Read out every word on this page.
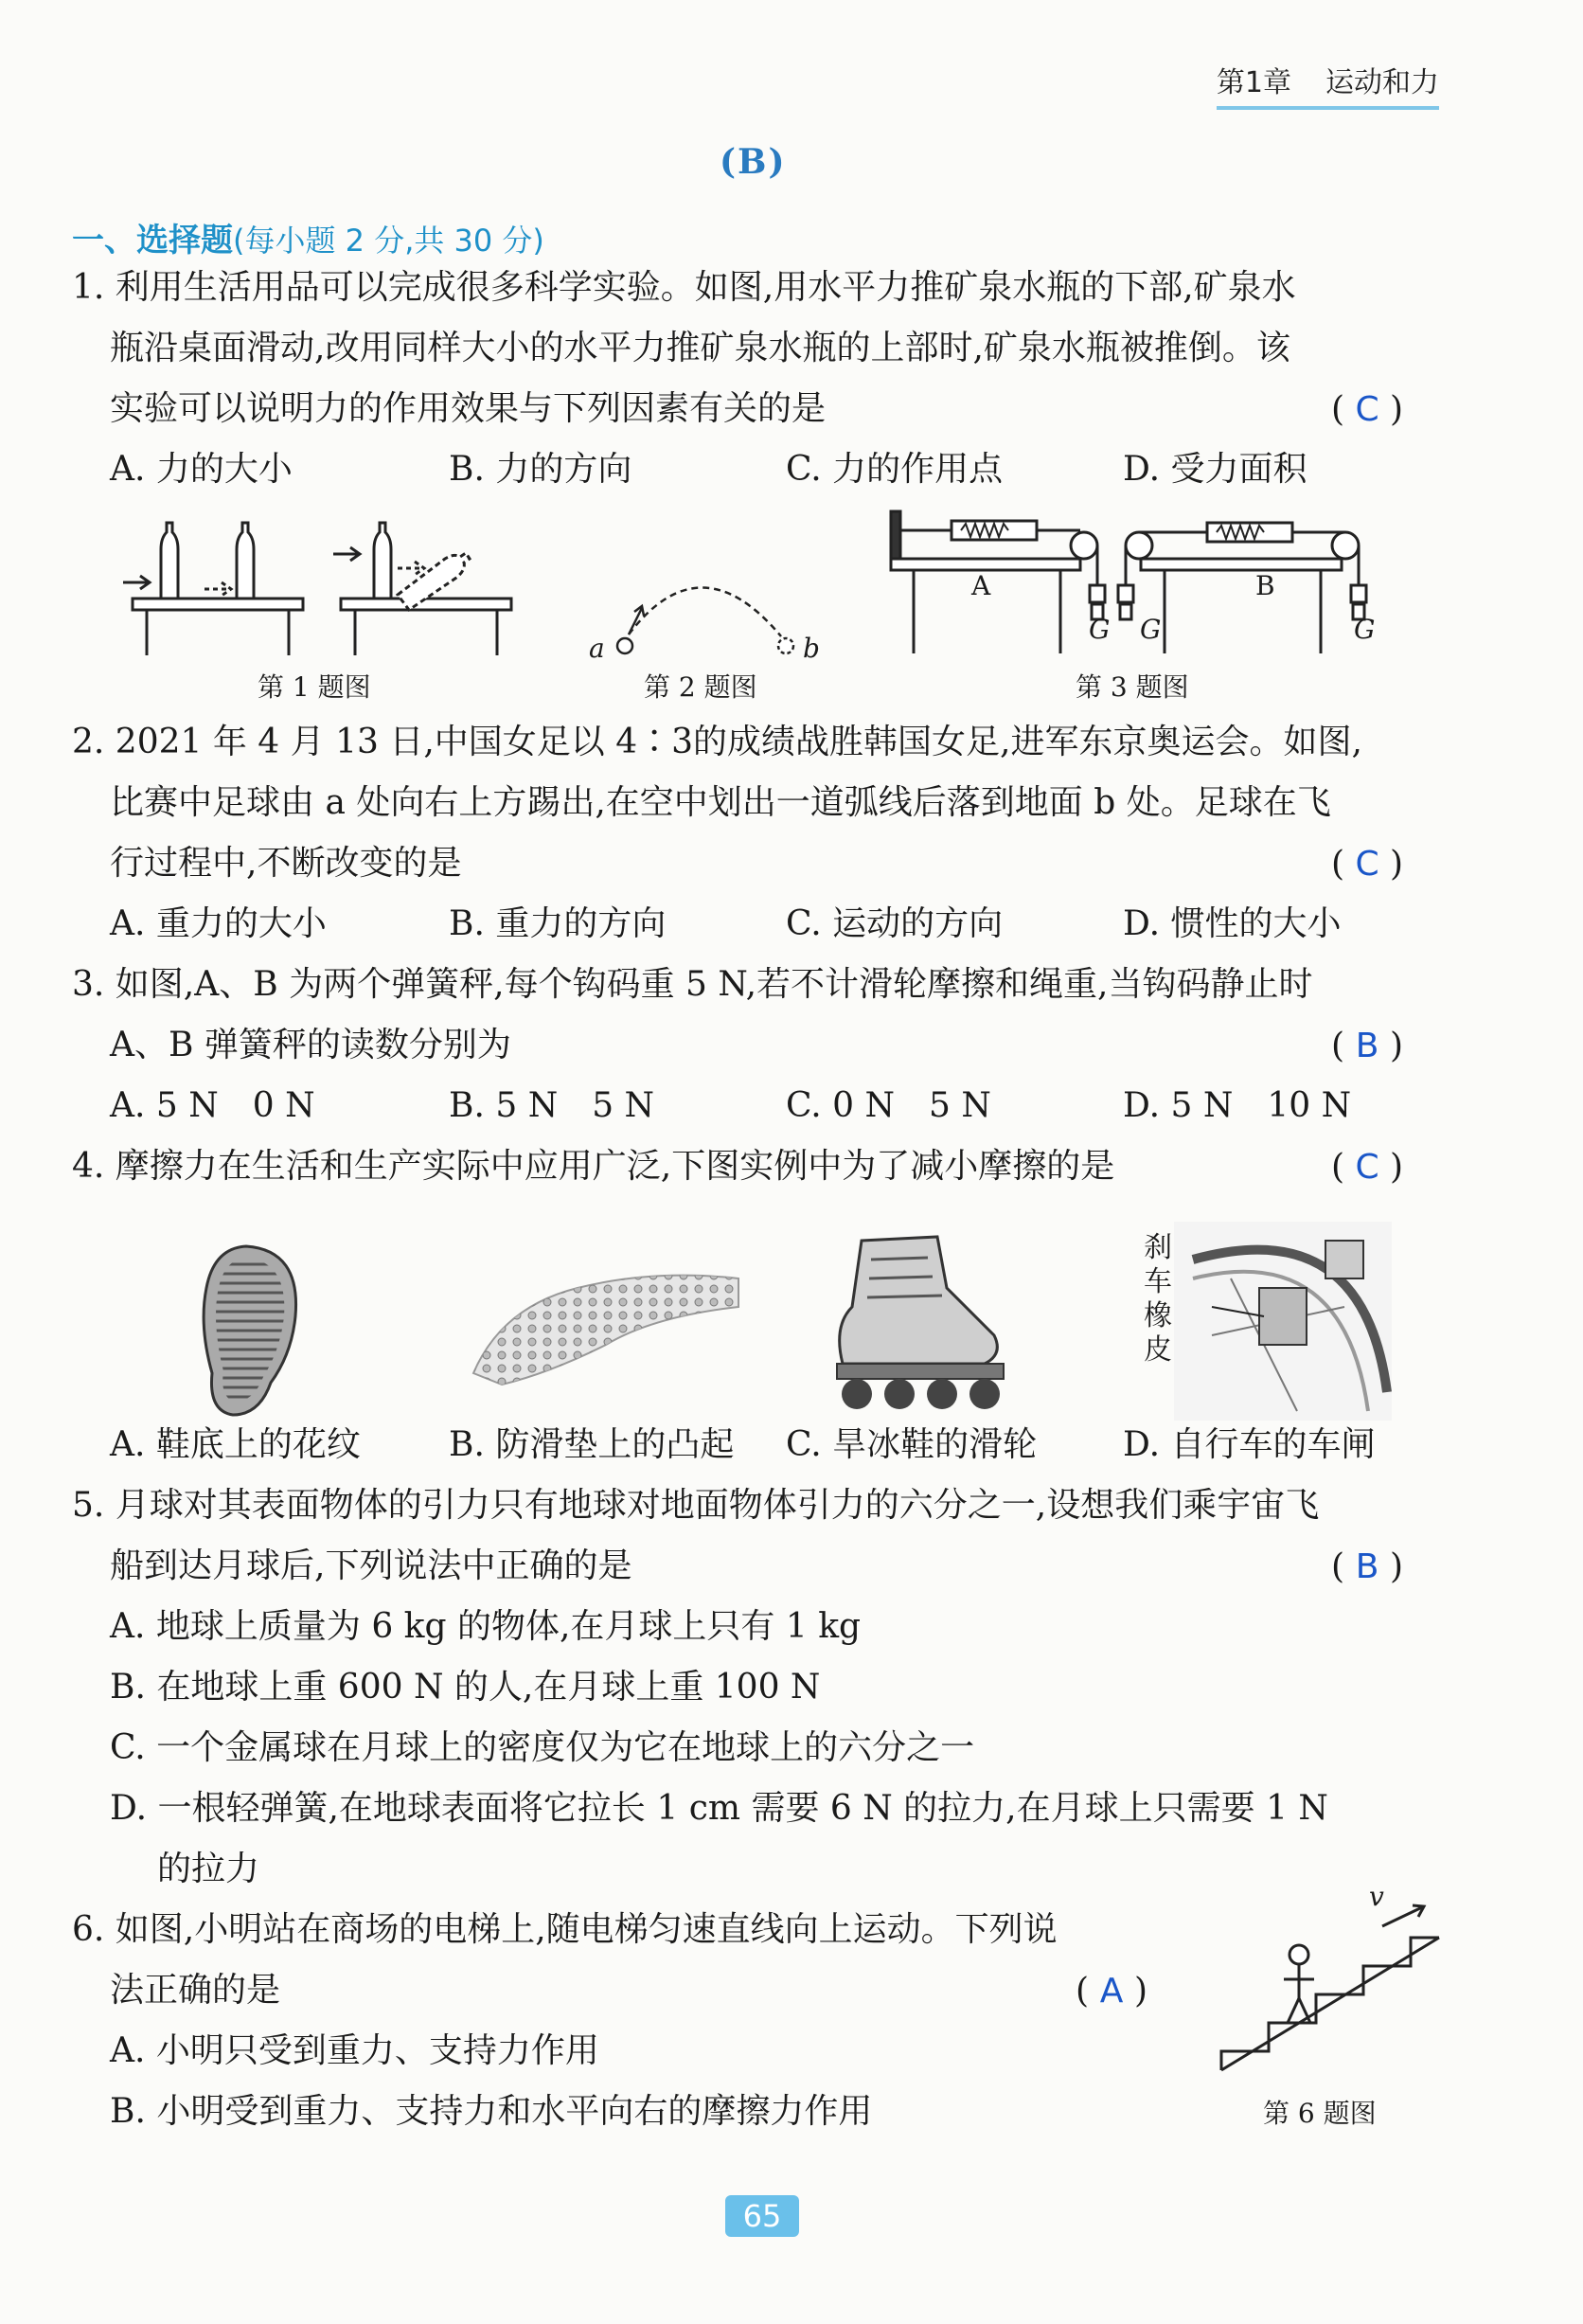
第1章 运动和力
(B)
一、选择题(每小题 2 分,共 30 分)
1. 利用生活用品可以完成很多科学实验。如图,用水平力推矿泉水瓶的下部,矿泉水
瓶沿桌面滑动,改用同样大小的水平力推矿泉水瓶的上部时,矿泉水瓶被推倒。该
实验可以说明力的作用效果与下列因素有关的是	( C )
A. 力的大小	B. 力的方向	C. 力的作用点	D. 受力面积
第 1 题图
a	b
第 2 题图
A	B
G G	G
第 3 题图
2. 2021 年 4 月 13 日,中国女足以 4∶3的成绩战胜韩国女足,进军东京奥运会。如图,
比赛中足球由 a 处向右上方踢出,在空中划出一道弧线后落到地面 b 处。足球在飞
行过程中,不断改变的是	( C )
A. 重力的大小	B. 重力的方向	C. 运动的方向	D. 惯性的大小
3. 如图,A、B 为两个弹簧秤,每个钩码重 5 N,若不计滑轮摩擦和绳重,当钩码静止时
A、B 弹簧秤的读数分别为	( B )
A. 5 N　0 N	B. 5 N　5 N	C. 0 N　5 N	D. 5 N　10 N
4. 摩擦力在生活和生产实际中应用广泛,下图实例中为了减小摩擦的是	( C )
刹
车
橡
皮
A. 鞋底上的花纹	B. 防滑垫上的凸起 C. 旱冰鞋的滑轮	D. 自行车的车闸
5. 月球对其表面物体的引力只有地球对地面物体引力的六分之一,设想我们乘宇宙飞
船到达月球后,下列说法中正确的是	( B )
A. 地球上质量为 6 kg 的物体,在月球上只有 1 kg
B. 在地球上重 600 N 的人,在月球上重 100 N
C. 一个金属球在月球上的密度仅为它在地球上的六分之一
D. 一根轻弹簧,在地球表面将它拉长 1 cm 需要 6 N 的拉力,在月球上只需要 1 N
的拉力
6. 如图,小明站在商场的电梯上,随电梯匀速直线向上运动。下列说
法正确的是	( A )
A. 小明只受到重力、支持力作用
B. 小明受到重力、支持力和水平向右的摩擦力作用
v
第 6 题图
65
